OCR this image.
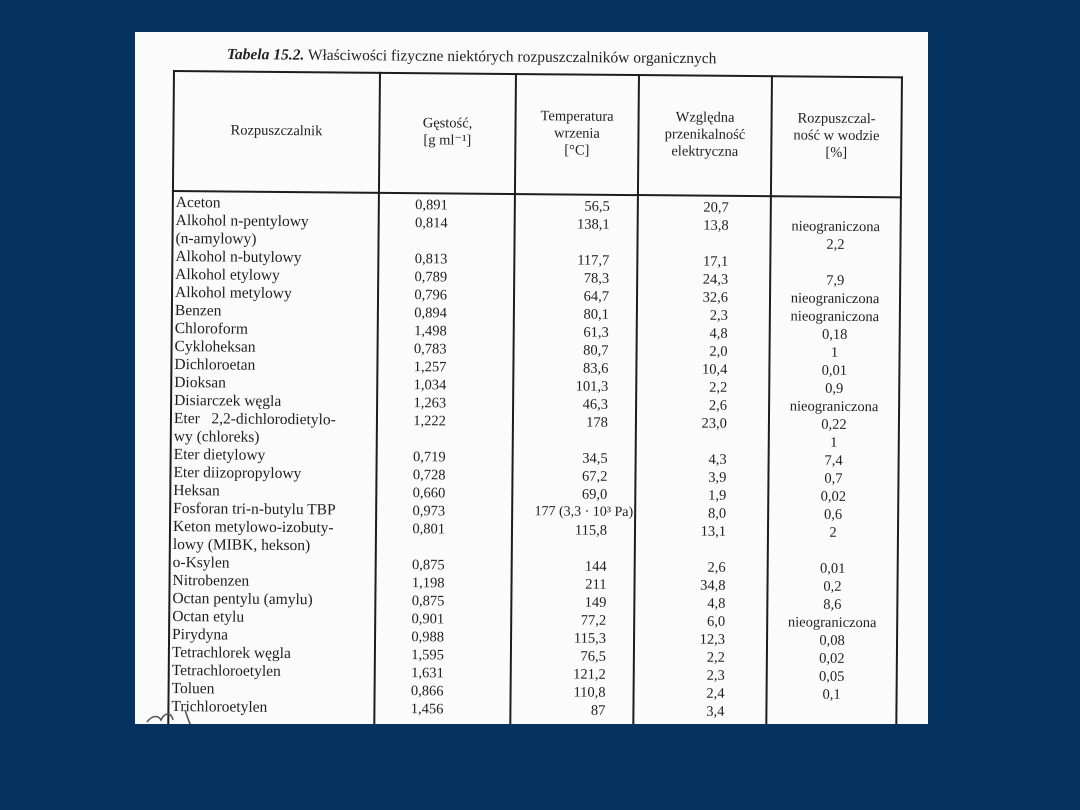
Tabela 15.2. Właściwości fizyczne niektórych rozpuszczalników organicznych
Rozpuszczalnik	Gęstość,
[g ml⁻¹]
Temperatura
wrzenia
[°C]
Względna
przenikalność
elektryczna
Rozpuszczal-
ność w wodzie
[%]
Aceton
Alkohol n-pentylowy
(n-amylowy)
Alkohol n-butylowy
Alkohol etylowy
Alkohol metylowy
Benzen
Chloroform
Cykloheksan
Dichloroetan
Dioksan
Disiarczek węgla
Eter   2,2-dichlorodietylo-
wy (chloreks)
Eter dietylowy
Eter diizopropylowy
Heksan
Fosforan tri-n-butylu TBP
Keton metylowo-izobuty-
lowy (MIBK, hekson)
o-Ksylen
Nitrobenzen
Octan pentylu (amylu)
Octan etylu
Pirydyna
Tetrachlorek węgla
Tetrachloroetylen
Toluen
Trichloroetylen
0,891
0,814
0,813
0,789
0,796
0,894
1,498
0,783
1,257
1,034
1,263
1,222
0,719
0,728
0,660
0,973
0,801
0,875
1,198
0,875
0,901
0,988
1,595
1,631
0,866
1,456
56,5
138,1
117,7
78,3
64,7
80,1
61,3
80,7
83,6
101,3
46,3
178
34,5
67,2
69,0
177 (3,3 · 10³ Pa)
115,8
144
211
149
77,2
115,3
76,5
121,2
110,8
87
20,7
13,8
17,1
24,3
32,6
2,3
4,8
2,0
10,4
2,2
2,6
23,0
4,3
3,9
1,9
8,0
13,1
2,6
34,8
4,8
6,0
12,3
2,2
2,3
2,4
3,4
nieograniczona
2,2
7,9
nieograniczona
nieograniczona
0,18
1
0,01
0,9
nieograniczona
0,22
1
7,4
0,7
0,02
0,6
2
0,01
0,2
8,6
nieograniczona
0,08
0,02
0,05
0,1
